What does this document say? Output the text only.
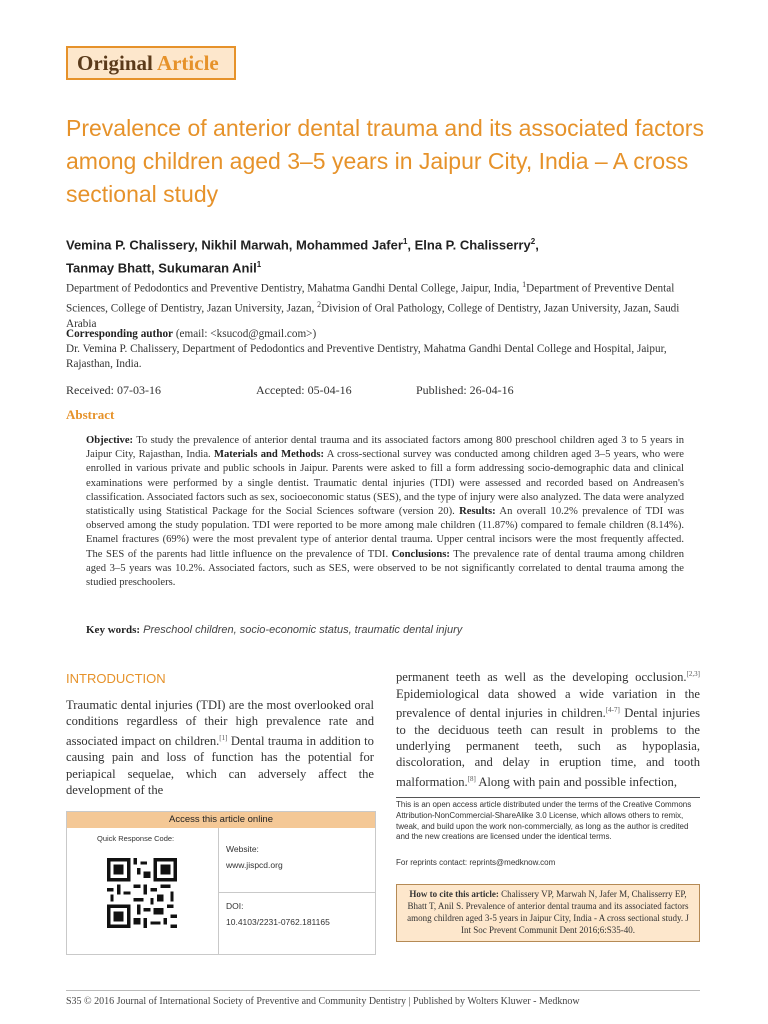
Original Article
Prevalence of anterior dental trauma and its associated factors among children aged 3–5 years in Jaipur City, India – A cross sectional study
Vemina P. Chalissery, Nikhil Marwah, Mohammed Jafer$^1$, Elna P. Chalisserry$^2$,
Tanmay Bhatt, Sukumaran Anil$^1$
Department of Pedodontics and Preventive Dentistry, Mahatma Gandhi Dental College, Jaipur, India, $^1$Department of Preventive Dental Sciences, College of Dentistry, Jazan University, Jazan, $^2$Division of Oral Pathology, College of Dentistry, Jazan University, Jazan, Saudi Arabia
Corresponding author (email: <ksucod@gmail.com>)
Dr. Vemina P. Chalissery, Department of Pedodontics and Preventive Dentistry, Mahatma Gandhi Dental College and Hospital, Jaipur, Rajasthan, India.
Received: 07-03-16	Accepted: 05-04-16	Published: 26-04-16
Abstract
Objective: To study the prevalence of anterior dental trauma and its associated factors among 800 preschool children aged 3 to 5 years in Jaipur City, Rajasthan, India. Materials and Methods: A cross-sectional survey was conducted among children aged 3–5 years, who were enrolled in various private and public schools in Jaipur. Parents were asked to fill a form addressing socio-demographic data and clinical examinations were performed by a single dentist. Traumatic dental injuries (TDI) were assessed and recorded based on Andreasen's classification. Associated factors such as sex, socioeconomic status (SES), and the type of injury were also analyzed. The data were analyzed statistically using Statistical Package for the Social Sciences software (version 20). Results: An overall 10.2% prevalence of TDI was observed among the study population. TDI were reported to be more among male children (11.87%) compared to female children (8.14%). Enamel fractures (69%) were the most prevalent type of anterior dental trauma. Upper central incisors were the most frequently affected. The SES of the parents had little influence on the prevalence of TDI. Conclusions: The prevalence rate of dental trauma among children aged 3–5 years was 10.2%. Associated factors, such as SES, were observed to be not significantly correlated to dental trauma among the studied preschoolers.
Key words: Preschool children, socio-economic status, traumatic dental injury
INTRODUCTION
Traumatic dental injuries (TDI) are the most overlooked oral conditions regardless of their high prevalence rate and associated impact on children.[1] Dental trauma in addition to causing pain and loss of function has the potential for periapical sequelae, which can adversely affect the development of the
permanent teeth as well as the developing occlusion.[2,3] Epidemiological data showed a wide variation in the prevalence of dental injuries in children.[4-7] Dental injuries to the deciduous teeth can result in problems to the underlying permanent teeth, such as hypoplasia, discoloration, and delay in eruption time, and tooth malformation.[8] Along with pain and possible infection,
Access this article online
Quick Response Code:
Website:
www.jispcd.org
DOI:
10.4103/2231-0762.181165
This is an open access article distributed under the terms of the Creative Commons Attribution-NonCommercial-ShareAlike 3.0 License, which allows others to remix, tweak, and build upon the work non-commercially, as long as the author is credited and the new creations are licensed under the identical terms.
For reprints contact: reprints@medknow.com
How to cite this article: Chalissery VP, Marwah N, Jafer M, Chalisserry EP, Bhatt T, Anil S. Prevalence of anterior dental trauma and its associated factors among children aged 3-5 years in Jaipur City, India - A cross sectional study. J Int Soc Prevent Communit Dent 2016;6:S35-40.
S35 © 2016 Journal of International Society of Preventive and Community Dentistry | Published by Wolters Kluwer - Medknow
